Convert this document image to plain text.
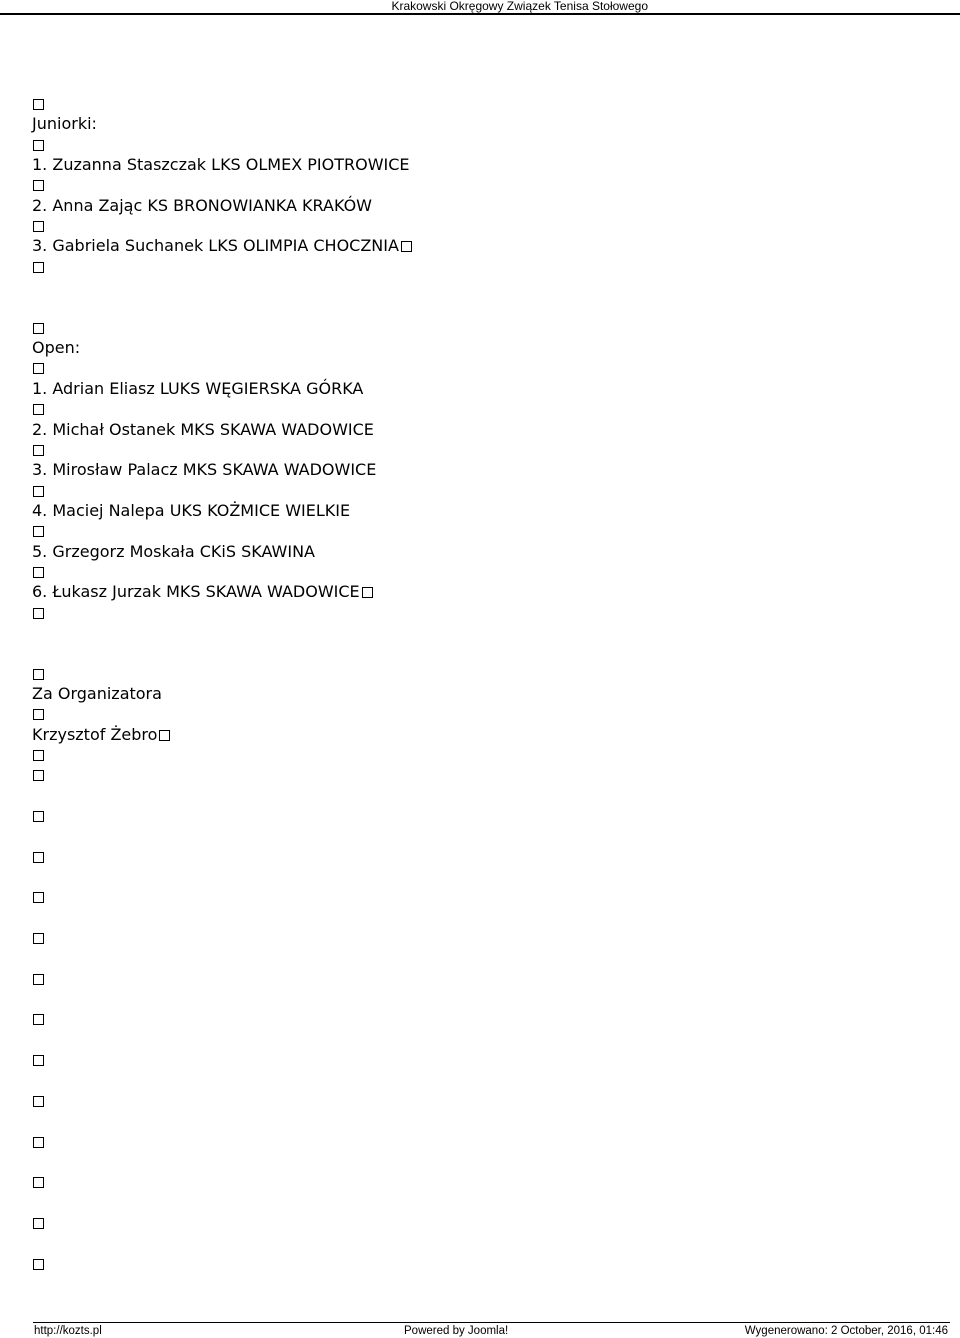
Krakowski Okręgowy Związek Tenisa Stołowego
Juniorki:
1. Zuzanna Staszczak LKS OLMEX PIOTROWICE
2. Anna Zając KS BRONOWIANKA KRAKÓW
3. Gabriela Suchanek LKS OLIMPIA CHOCZNIA
Open:
1. Adrian Eliasz LUKS WĘGIERSKA GÓRKA
2. Michał Ostanek MKS SKAWA WADOWICE
3. Mirosław Palacz MKS SKAWA WADOWICE
4. Maciej Nalepa UKS KOŻMICE WIELKIE
5. Grzegorz Moskała CKiS SKAWINA
6. Łukasz Jurzak MKS SKAWA WADOWICE
Za Organizatora
Krzysztof Żebro
http://kozts.pl	Powered by Joomla!	Wygenerowano: 2 October, 2016, 01:46
